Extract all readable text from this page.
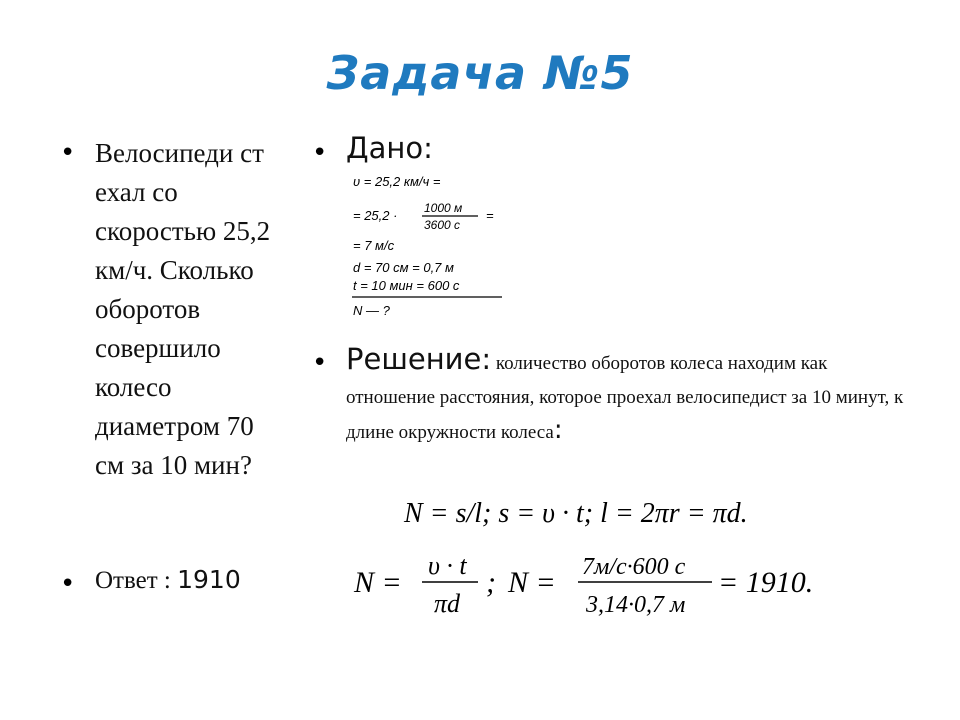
Задача №5
• Велосипеди ст ехал со скоростью 25,2 км/ч. Сколько оборотов совершило колесо диаметром 70 см за 10 мин?
• Ответ : 1910
• Дано:
υ = 25,2 км/ч =
= 25,2 · 1000 м
3600 с
=
= 7 м/с
d = 70 см = 0,7 м
t = 10 мин = 600 с
N — ?
• Решение: количество оборотов колеса находим как отношение расстояния, которое проехал велосипедист за 10 минут, к длине окружности колеса:
N = s/l; s = υ · t; l = 2πr = πd.
N =
υ · t
πd
; N = 7м/с·600 с
3,14·0,7 м
= 1910.
